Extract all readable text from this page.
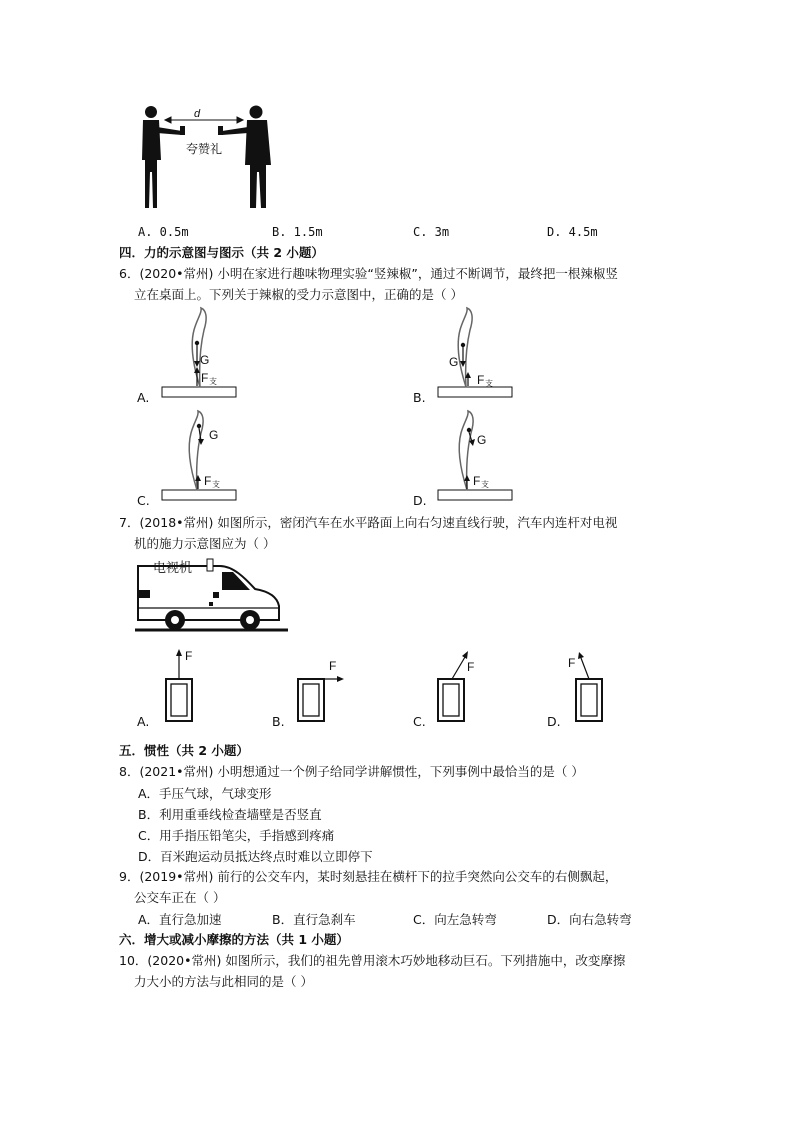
d
夸赞礼
A. 0.5m	B. 1.5m	C. 3m	D. 4.5m
四．力的示意图与图示（共 2 小题）
6．(2020•常州) 小明在家进行趣味物理实验“竖辣椒”，通过不断调节，最终把一根辣椒竖
立在桌面上。下列关于辣椒的受力示意图中，正确的是（ ）
A.
G
F 支
B.
G
F 支
C.
G
F 支
D.
G
F 支
7．(2018•常州) 如图所示，密闭汽车在水平路面上向右匀速直线行驶，汽车内连杆对电视
机的施力示意图应为（ ）
电视机
A.
F
B.
F
C.
F
D.
F
五．惯性（共 2 小题）
8．(2021•常州) 小明想通过一个例子给同学讲解惯性，下列事例中最恰当的是（ ）
A．手压气球，气球变形
B．利用重垂线检查墙壁是否竖直
C．用手指压铅笔尖，手指感到疼痛
D．百米跑运动员抵达终点时难以立即停下
9．(2019•常州) 前行的公交车内，某时刻悬挂在横杆下的拉手突然向公交车的右侧飘起，
公交车正在（ ）
A．直行急加速	B．直行急刹车	C．向左急转弯	D．向右急转弯
六．增大或减小摩擦的方法（共 1 小题）
10．(2020•常州) 如图所示，我们的祖先曾用滚木巧妙地移动巨石。下列措施中，改变摩擦
力大小的方法与此相同的是（ ）
